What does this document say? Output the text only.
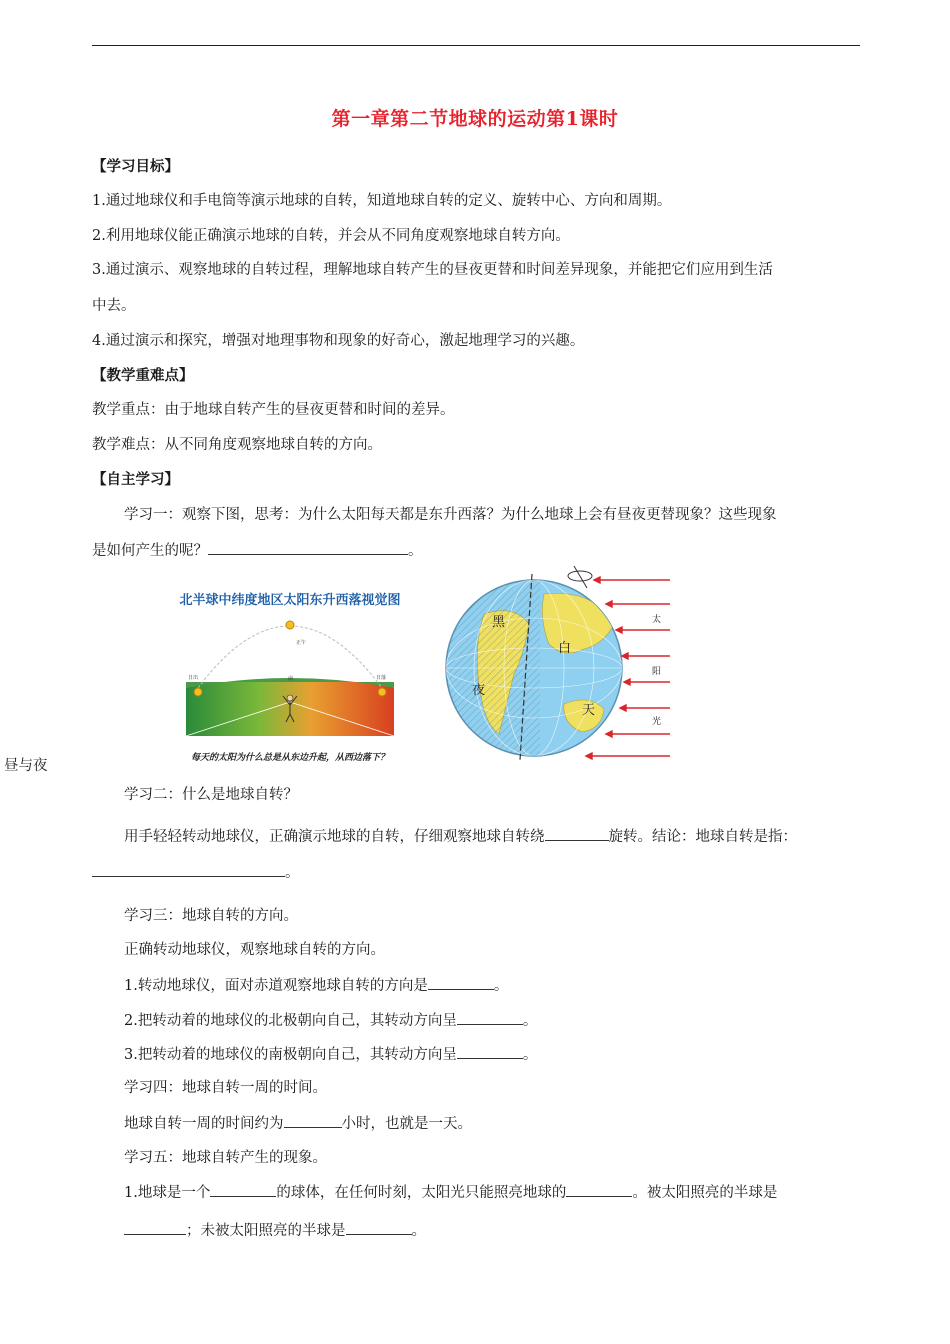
第一章第二节地球的运动第1课时
【学习目标】
1.通过地球仪和手电筒等演示地球的自转，知道地球自转的定义、旋转中心、方向和周期。
2.利用地球仪能正确演示地球的自转，并会从不同角度观察地球自转方向。
3.通过演示、观察地球的自转过程，理解地球自转产生的昼夜更替和时间差异现象，并能把它们应用到生活
中去。
4.通过演示和探究，增强对地理事物和现象的好奇心，激起地理学习的兴趣。
【教学重难点】
教学重点：由于地球自转产生的昼夜更替和时间的差异。
教学难点：从不同角度观察地球自转的方向。
【自主学习】
学习一：观察下图，思考：为什么太阳每天都是东升西落？为什么地球上会有昼夜更替现象？这些现象
是如何产生的呢？	。
北半球中纬度地区太阳东升西落视觉图
日出	日落
正午
南
每天的太阳为什么总是从东边升起，从西边落下？
黑
夜
白
天
太
阳
光
昼与夜
学习二：什么是地球自转？
用手轻轻转动地球仪，正确演示地球的自转，仔细观察地球自转绕	旋转。结论：地球自转是指：
。
学习三：地球自转的方向。
正确转动地球仪，观察地球自转的方向。
1.转动地球仪，面对赤道观察地球自转的方向是	。
2.把转动着的地球仪的北极朝向自己，其转动方向呈	。
3.把转动着的地球仪的南极朝向自己，其转动方向呈	。
学习四：地球自转一周的时间。
地球自转一周的时间约为	小时，也就是一天。
学习五：地球自转产生的现象。
1.地球是一个	的球体，在任何时刻，太阳光只能照亮地球的	。被太阳照亮的半球是
；未被太阳照亮的半球是	。
